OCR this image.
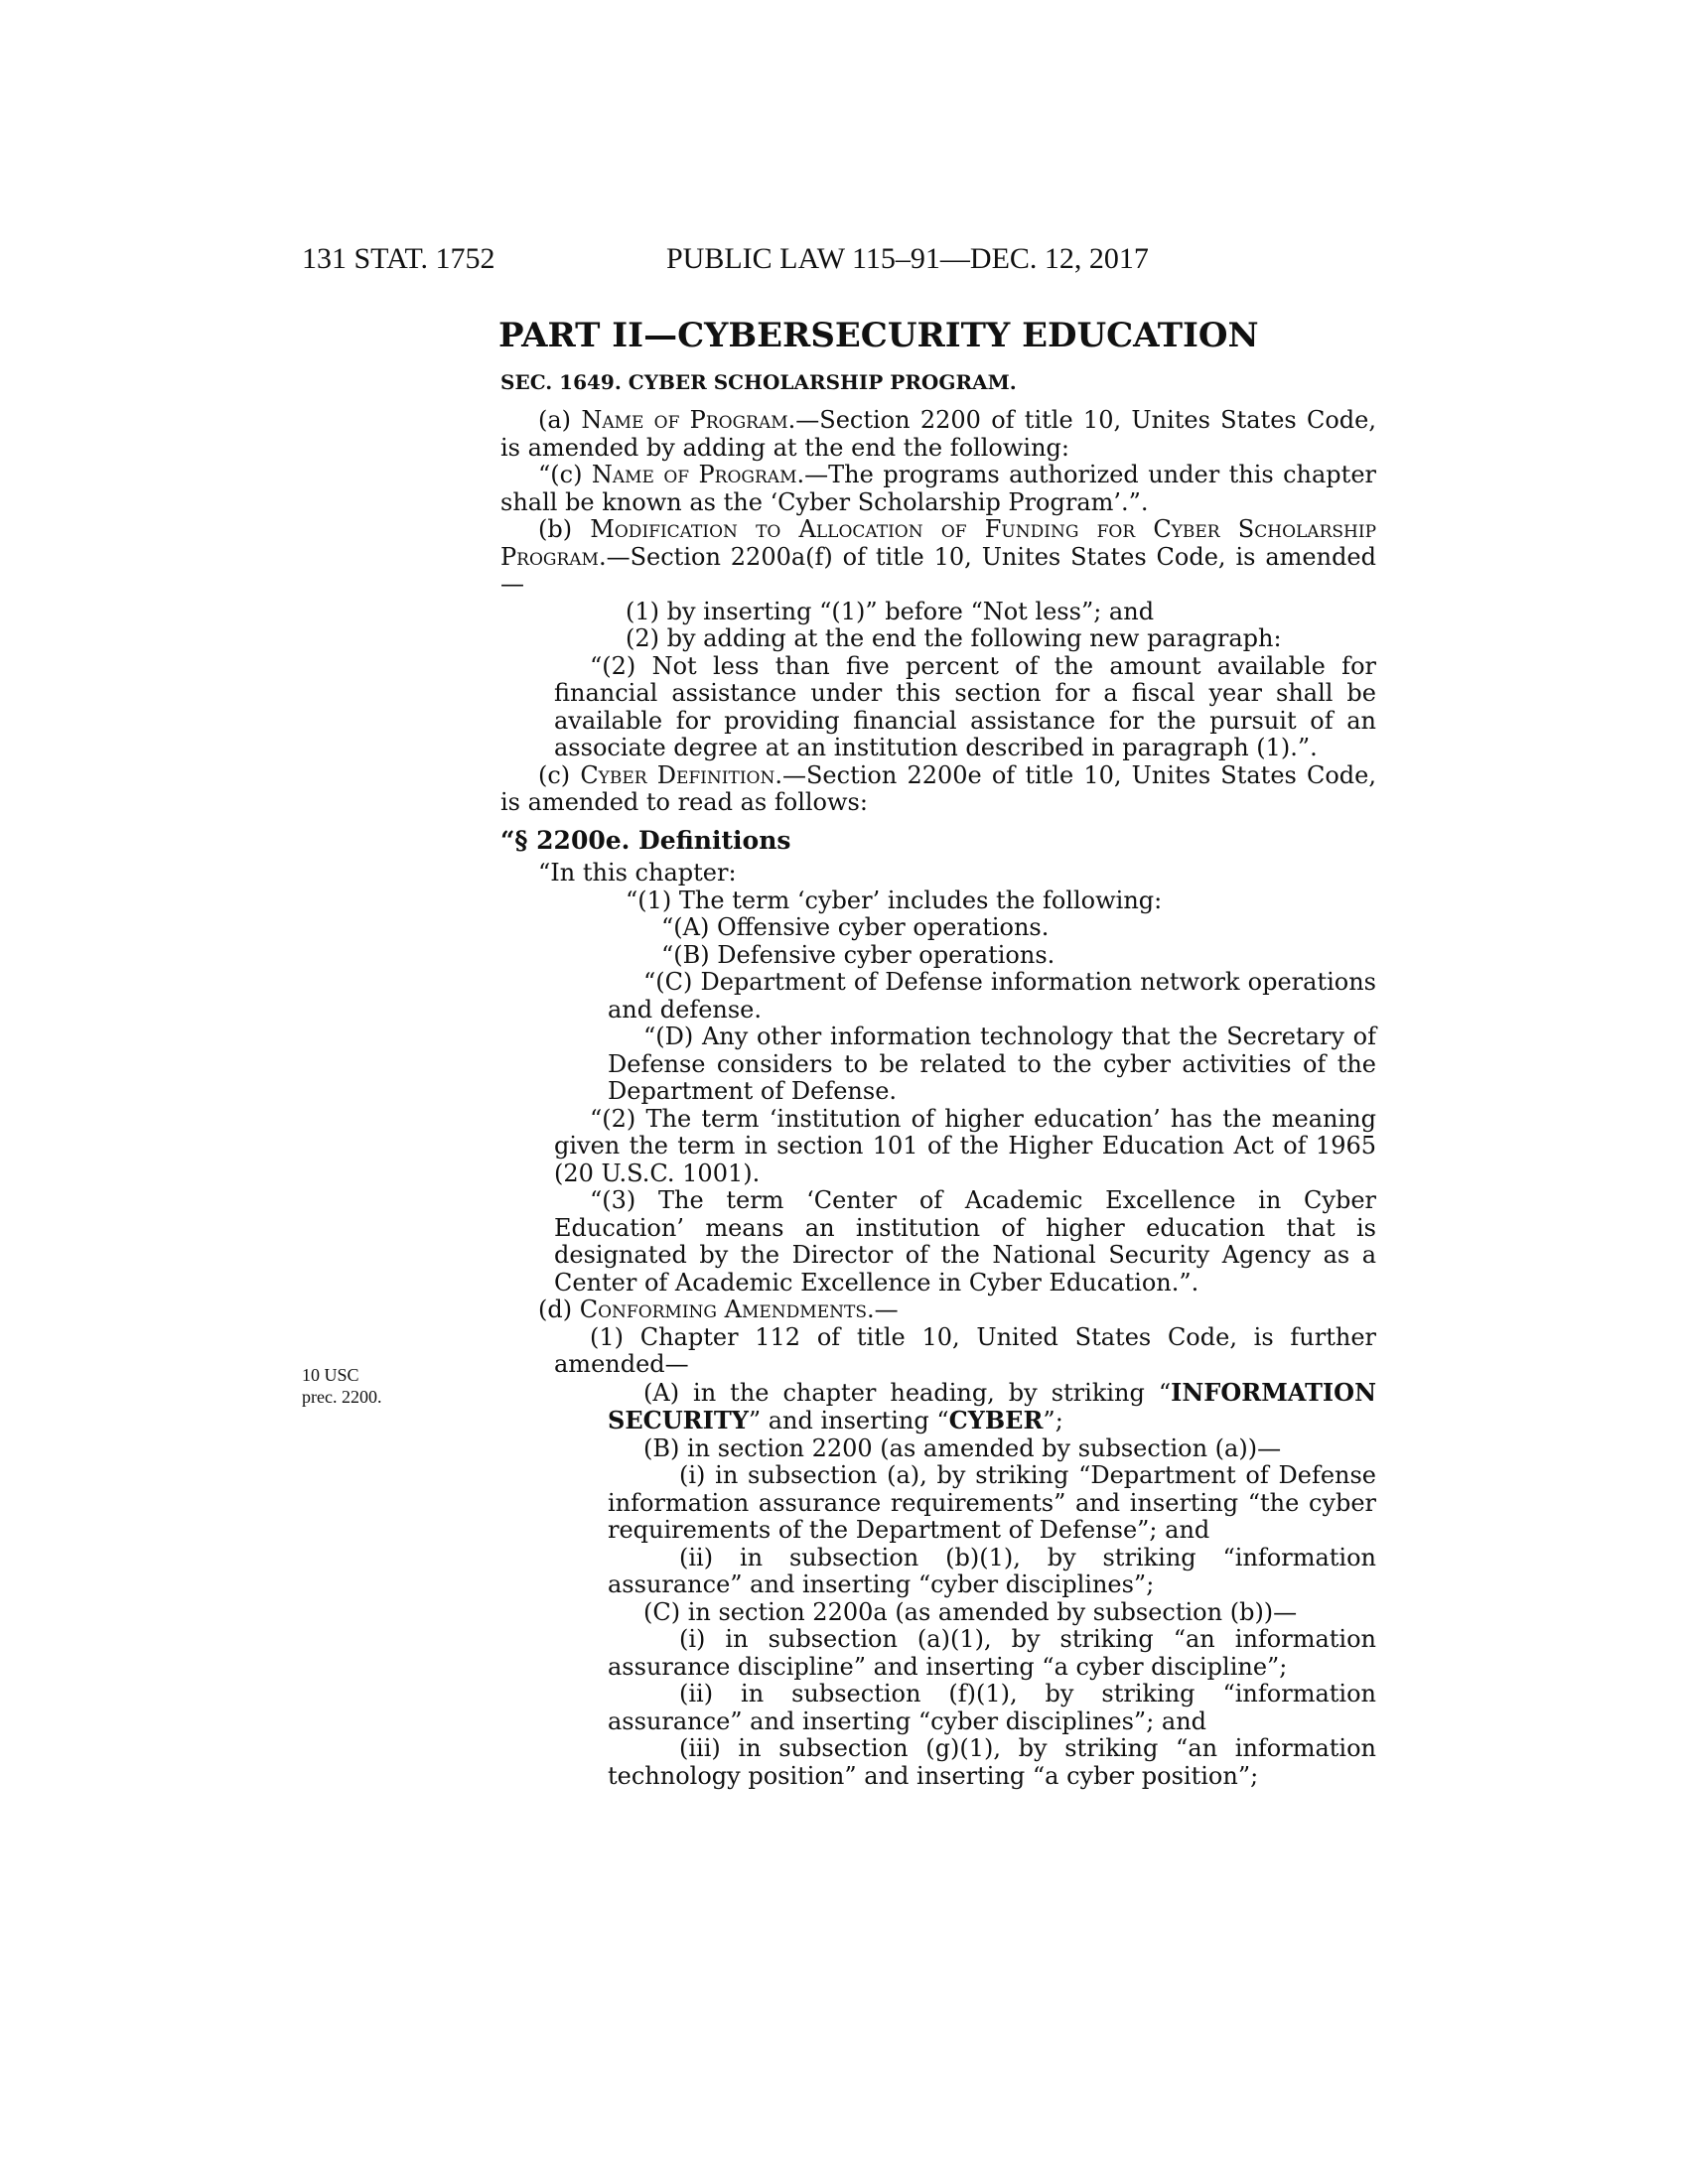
131 STAT. 1752	PUBLIC LAW 115–91—DEC. 12, 2017
PART II—CYBERSECURITY EDUCATION
SEC. 1649. CYBER SCHOLARSHIP PROGRAM.
10 USC
prec. 2200.

(a) Name of Program.—Section 2200 of title 10, Unites States Code, is amended by adding at the end the following:

“(c) Name of Program.—The programs authorized under this chapter shall be known as the ‘Cyber Scholarship Program’.”.

(b) Modification to Allocation of Funding for Cyber Scholarship Program.—Section 2200a(f) of title 10, Unites States Code, is amended—

(1) by inserting “(1)” before “Not less”; and

(2) by adding at the end the following new paragraph:

“(2) Not less than five percent of the amount available for financial assistance under this section for a fiscal year shall be available for providing financial assistance for the pursuit of an associate degree at an institution described in paragraph (1).”.

(c) Cyber Definition.—Section 2200e of title 10, Unites States Code, is amended to read as follows:

“§ 2200e. Definitions

“In this chapter:

“(1) The term ‘cyber’ includes the following:

“(A) Offensive cyber operations.

“(B) Defensive cyber operations.

“(C) Department of Defense information network operations and defense.

“(D) Any other information technology that the Secretary of Defense considers to be related to the cyber activities of the Department of Defense.

“(2) The term ‘institution of higher education’ has the meaning given the term in section 101 of the Higher Education Act of 1965 (20 U.S.C. 1001).

“(3) The term ‘Center of Academic Excellence in Cyber Education’ means an institution of higher education that is designated by the Director of the National Security Agency as a Center of Academic Excellence in Cyber Education.”.

(d) Conforming Amendments.—

(1) Chapter 112 of title 10, United States Code, is further amended—

(A) in the chapter heading, by striking “INFORMATION SECURITY” and inserting “CYBER”;

(B) in section 2200 (as amended by subsection (a))—

(i) in subsection (a), by striking “Department of Defense information assurance requirements” and inserting “the cyber requirements of the Department of Defense”; and

(ii) in subsection (b)(1), by striking “information assurance” and inserting “cyber disciplines”;

(C) in section 2200a (as amended by subsection (b))—

(i) in subsection (a)(1), by striking “an information assurance discipline” and inserting “a cyber discipline”;

(ii) in subsection (f)(1), by striking “information assurance” and inserting “cyber disciplines”; and

(iii) in subsection (g)(1), by striking “an information technology position” and inserting “a cyber position”;
